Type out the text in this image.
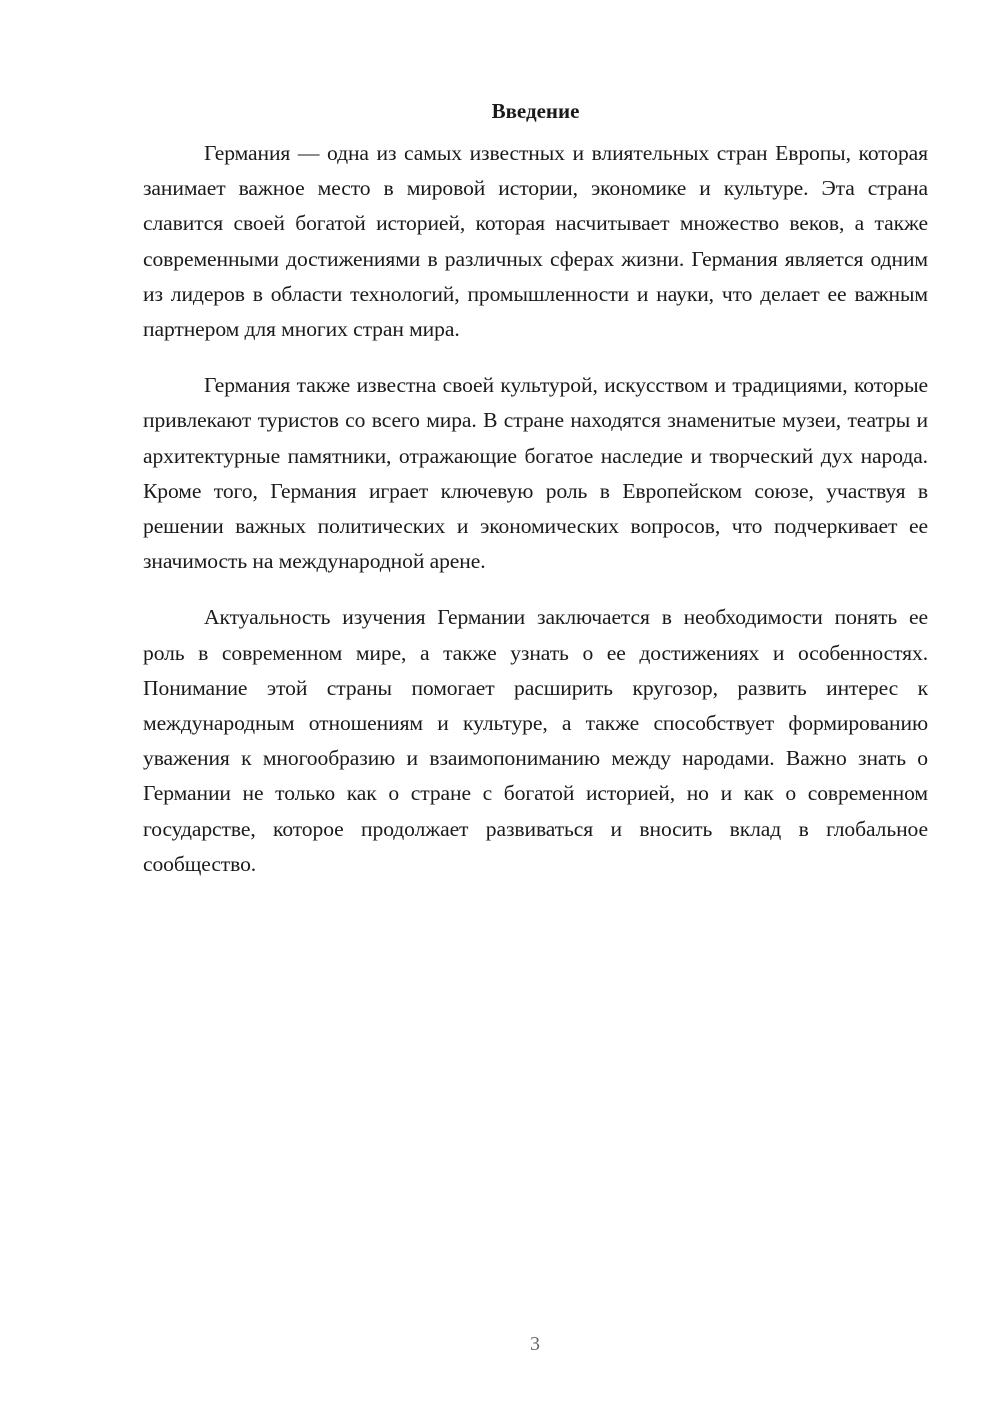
Введение

Германия — одна из самых известных и влиятельных стран Европы, которая занимает важное место в мировой истории, экономике и культуре. Эта страна славится своей богатой историей, которая насчитывает множество веков, а также современными достижениями в различных сферах жизни. Германия является одним из лидеров в области технологий, промышленности и науки, что делает ее важным партнером для многих стран мира.

Германия также известна своей культурой, искусством и традициями, которые привлекают туристов со всего мира. В стране находятся знаменитые музеи, театры и архитектурные памятники, отражающие богатое наследие и творческий дух народа. Кроме того, Германия играет ключевую роль в Европейском союзе, участвуя в решении важных политических и экономических вопросов, что подчеркивает ее значимость на международной арене.

Актуальность изучения Германии заключается в необходимости понять ее роль в современном мире, а также узнать о ее достижениях и особенностях. Понимание этой страны помогает расширить кругозор, развить интерес к международным отношениям и культуре, а также способствует формированию уважения к многообразию и взаимопониманию между народами. Важно знать о Германии не только как о стране с богатой историей, но и как о современном государстве, которое продолжает развиваться и вносить вклад в глобальное сообщество.

3
